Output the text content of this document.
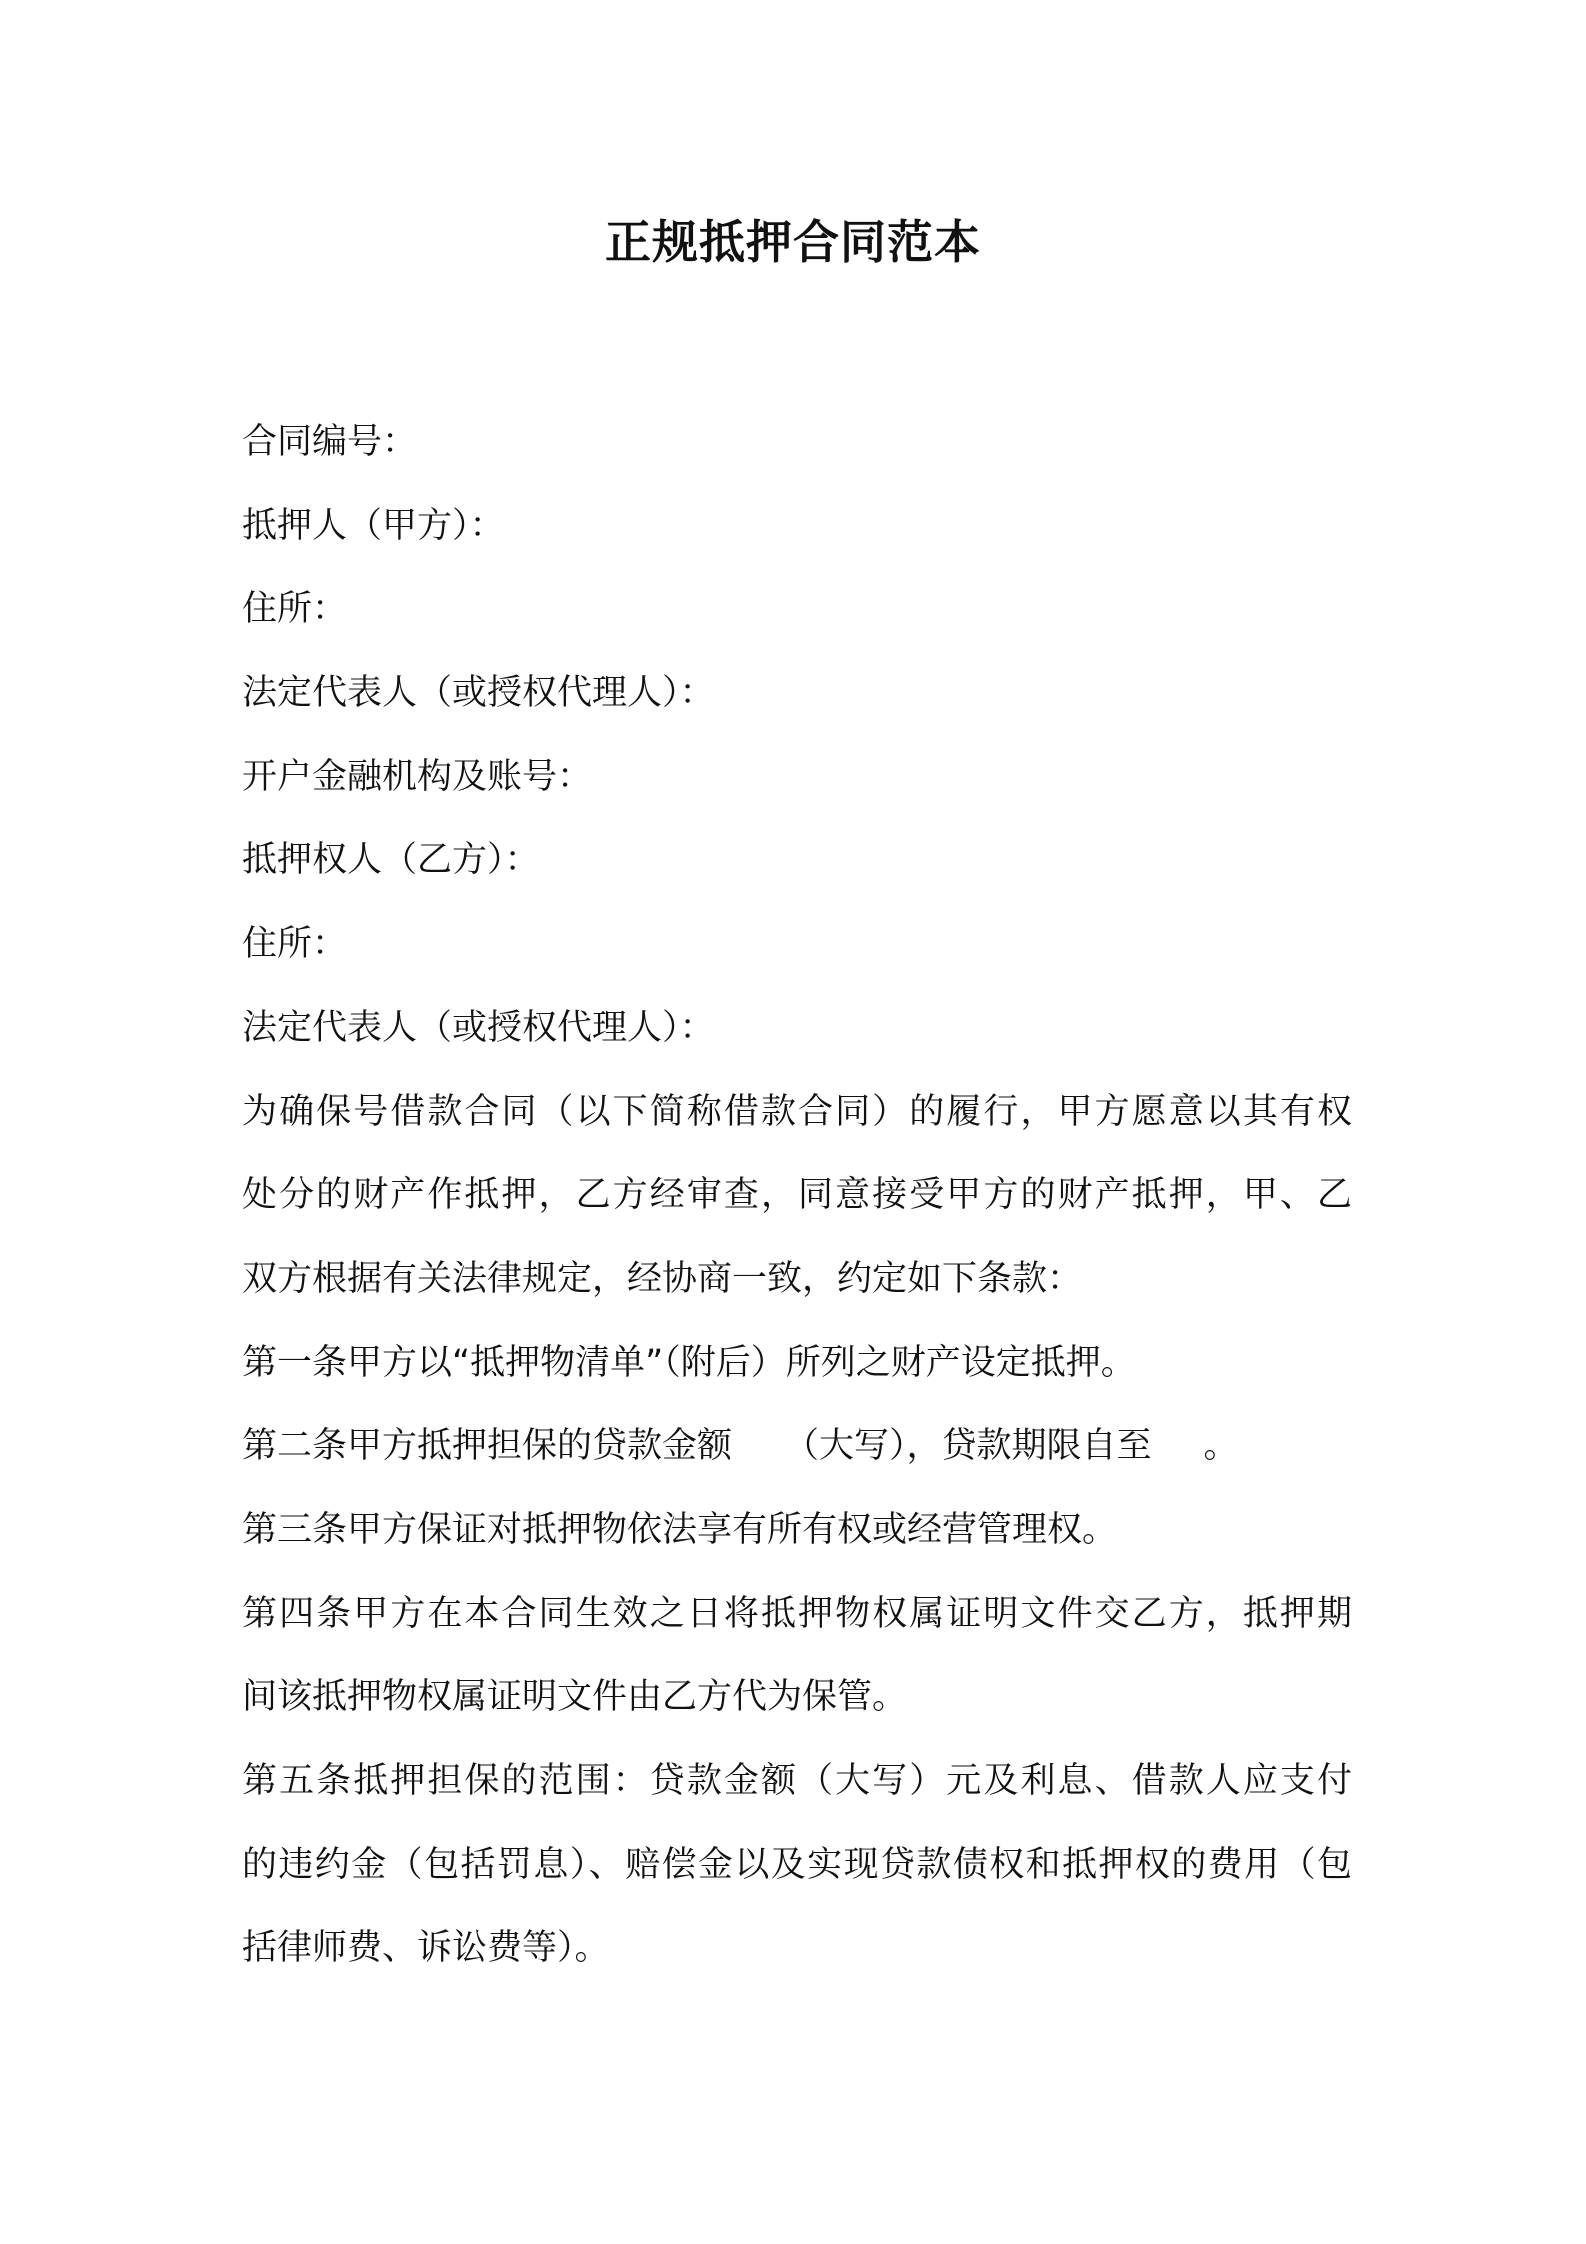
正规抵押合同范本
合同编号：
抵押人（甲方）：
住所：
法定代表人（或授权代理人）：
开户金融机构及账号：
抵押权人（乙方）：
住所：
法定代表人（或授权代理人）：
为确保号借款合同（以下简称借款合同）的履行，甲方愿意以其有权
处分的财产作抵押，乙方经审查，同意接受甲方的财产抵押，甲、乙
双方根据有关法律规定，经协商一致，约定如下条款：
第一条甲方以“抵押物清单”（附后）所列之财产设定抵押。
第二条甲方抵押担保的贷款金额 （大写），贷款期限自至 。
第三条甲方保证对抵押物依法享有所有权或经营管理权。
第四条甲方在本合同生效之日将抵押物权属证明文件交乙方，抵押期
间该抵押物权属证明文件由乙方代为保管。
第五条抵押担保的范围：贷款金额（大写）元及利息、借款人应支付
的违约金（包括罚息）、赔偿金以及实现贷款债权和抵押权的费用（包
括律师费、诉讼费等）。
